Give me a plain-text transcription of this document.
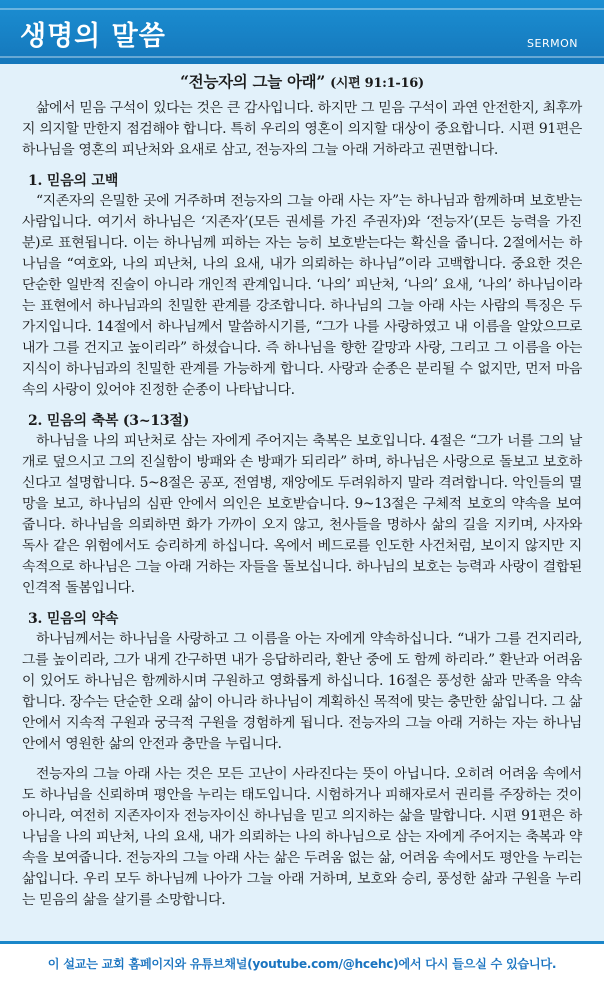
생명의 말씀	SERMON
“전능자의 그늘 아래” (시편 91:1-16)

삶에서 믿음 구석이 있다는 것은 큰 감사입니다. 하지만 그 믿음 구석이 과연 안전한지, 최후까지 의지할 만한지 점검해야 합니다. 특히 우리의 영혼이 의지할 대상이 중요합니다. 시편 91편은 하나님을 영혼의 피난처와 요새로 삼고, 전능자의 그늘 아래 거하라고 권면합니다.

1. 믿음의 고백

“지존자의 은밀한 곳에 거주하며 전능자의 그늘 아래 사는 자”는 하나님과 함께하며 보호받는 사람입니다. 여기서 하나님은 ‘지존자’(모든 권세를 가진 주권자)와 ‘전능자’(모든 능력을 가진 분)로 표현됩니다. 이는 하나님께 피하는 자는 능히 보호받는다는 확신을 줍니다. 2절에서는 하나님을 “여호와, 나의 피난처, 나의 요새, 내가 의뢰하는 하나님”이라 고백합니다. 중요한 것은 단순한 일반적 진술이 아니라 개인적 관계입니다. ‘나의’ 피난처, ‘나의’ 요새, ‘나의’ 하나님이라는 표현에서 하나님과의 친밀한 관계를 강조합니다. 하나님의 그늘 아래 사는 사람의 특징은 두 가지입니다. 14절에서 하나님께서 말씀하시기를, “그가 나를 사랑하였고 내 이름을 알았으므로 내가 그를 건지고 높이리라” 하셨습니다. 즉 하나님을 향한 갈망과 사랑, 그리고 그 이름을 아는 지식이 하나님과의 친밀한 관계를 가능하게 합니다. 사랑과 순종은 분리될 수 없지만, 먼저 마음속의 사랑이 있어야 진정한 순종이 나타납니다.

2. 믿음의 축복 (3~13절)

하나님을 나의 피난처로 삼는 자에게 주어지는 축복은 보호입니다. 4절은 “그가 너를 그의 날개로 덮으시고 그의 진실함이 방패와 손 방패가 되리라” 하며, 하나님은 사랑으로 돌보고 보호하신다고 설명합니다. 5~8절은 공포, 전염병, 재앙에도 두려워하지 말라 격려합니다. 악인들의 멸망을 보고, 하나님의 심판 안에서 의인은 보호받습니다. 9~13절은 구체적 보호의 약속을 보여줍니다. 하나님을 의뢰하면 화가 가까이 오지 않고, 천사들을 명하사 삶의 길을 지키며, 사자와 독사 같은 위험에서도 승리하게 하십니다. 옥에서 베드로를 인도한 사건처럼, 보이지 않지만 지속적으로 하나님은 그늘 아래 거하는 자들을 돌보십니다. 하나님의 보호는 능력과 사랑이 결합된 인격적 돌봄입니다.

3. 믿음의 약속

하나님께서는 하나님을 사랑하고 그 이름을 아는 자에게 약속하십니다. “내가 그를 건지리라, 그를 높이리라, 그가 내게 간구하면 내가 응답하리라, 환난 중에 도 함께 하리라.” 환난과 어려움이 있어도 하나님은 함께하시며 구원하고 영화롭게 하십니다. 16절은 풍성한 삶과 만족을 약속합니다. 장수는 단순한 오래 삶이 아니라 하나님이 계획하신 목적에 맞는 충만한 삶입니다. 그 삶 안에서 지속적 구원과 궁극적 구원을 경험하게 됩니다. 전능자의 그늘 아래 거하는 자는 하나님 안에서 영원한 삶의 안전과 충만을 누립니다.

전능자의 그늘 아래 사는 것은 모든 고난이 사라진다는 뜻이 아닙니다. 오히려 어려움 속에서도 하나님을 신뢰하며 평안을 누리는 태도입니다. 시험하거나 피해자로서 권리를 주장하는 것이 아니라, 여전히 지존자이자 전능자이신 하나님을 믿고 의지하는 삶을 말합니다. 시편 91편은 하나님을 나의 피난처, 나의 요새, 내가 의뢰하는 나의 하나님으로 삼는 자에게 주어지는 축복과 약속을 보여줍니다. 전능자의 그늘 아래 사는 삶은 두려움 없는 삶, 어려움 속에서도 평안을 누리는 삶입니다. 우리 모두 하나님께 나아가 그늘 아래 거하며, 보호와 승리, 풍성한 삶과 구원을 누리는 믿음의 삶을 살기를 소망합니다.

이 설교는 교회 홈페이지와 유튜브채널(youtube.com/@hcehc)에서 다시 들으실 수 있습니다.
